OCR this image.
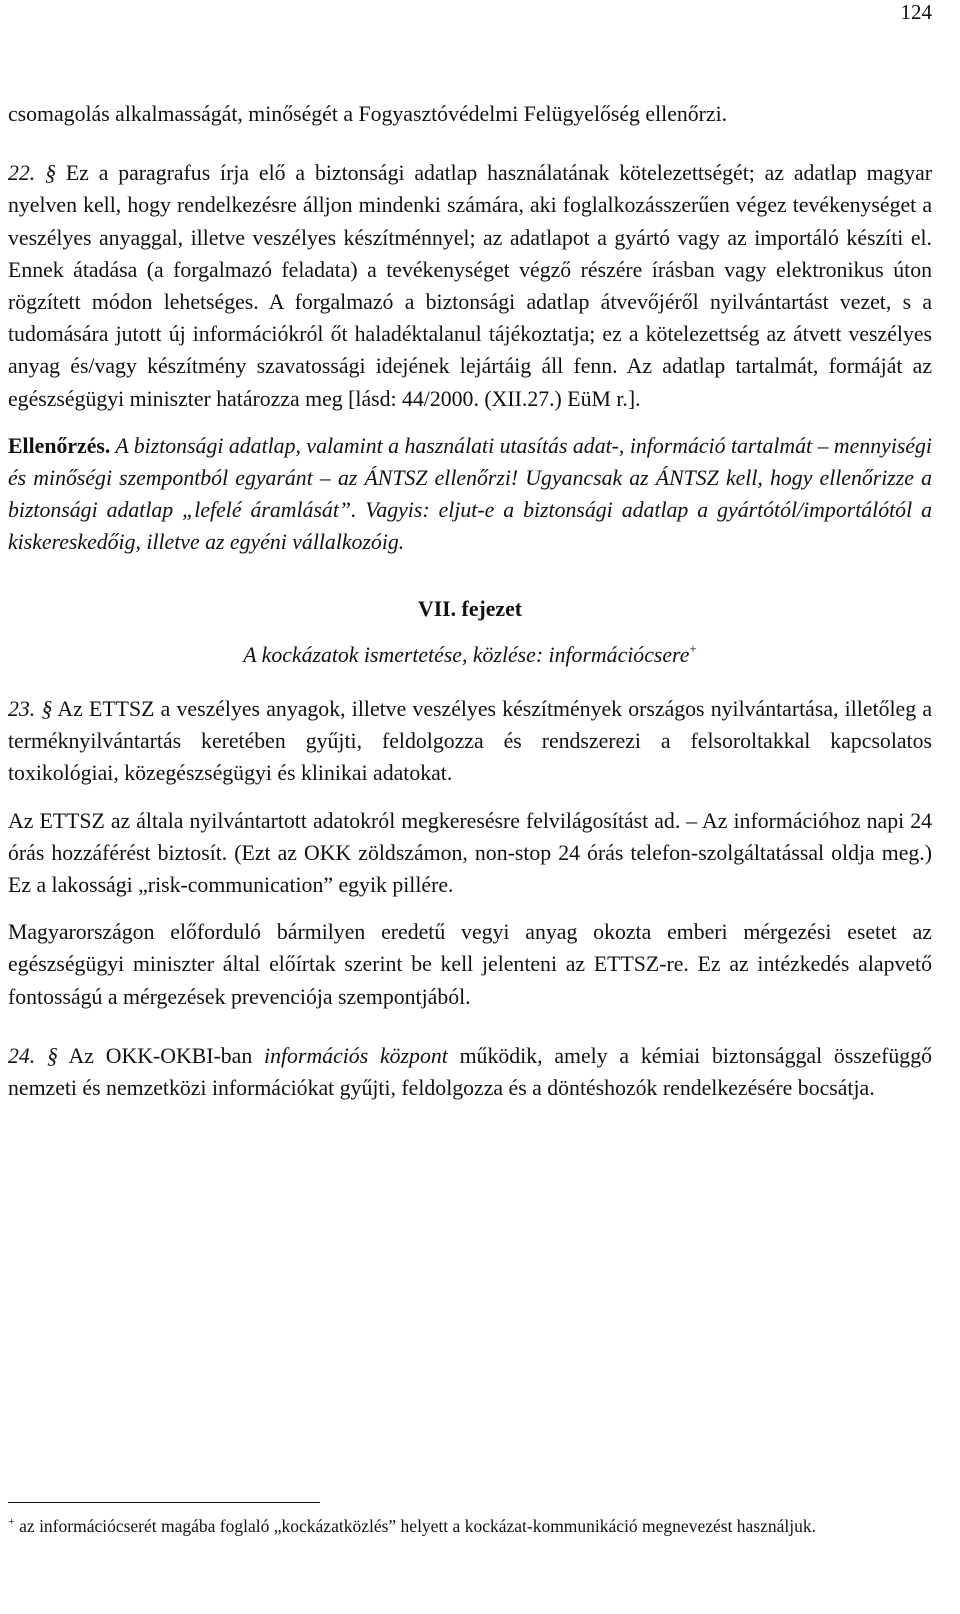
124

csomagolás alkalmasságát, minőségét a Fogyasztóvédelmi Felügyelőség ellenőrzi.

22. § Ez a paragrafus írja elő a biztonsági adatlap használatának kötelezettségét; az adatlap magyar nyelven kell, hogy rendelkezésre álljon mindenki számára, aki foglalkozásszerűen végez tevékenységet a veszélyes anyaggal, illetve veszélyes készítménnyel; az adatlapot a gyártó vagy az importáló készíti el. Ennek átadása (a forgalmazó feladata) a tevékenységet végző részére írásban vagy elektronikus úton rögzített módon lehetséges. A forgalmazó a biztonsági adatlap átvevőjéről nyilvántartást vezet, s a tudomására jutott új információkról őt haladéktalanul tájékoztatja; ez a kötelezettség az átvett veszélyes anyag és/vagy készítmény szavatossági idejének lejártáig áll fenn. Az adatlap tartalmát, formáját az egészségügyi miniszter határozza meg [lásd: 44/2000. (XII.27.) EüM r.].

Ellenőrzés. A biztonsági adatlap, valamint a használati utasítás adat-, információ tartalmát – mennyiségi és minőségi szempontból egyaránt – az ÁNTSZ ellenőrzi! Ugyancsak az ÁNTSZ kell, hogy ellenőrizze a biztonsági adatlap „lefelé áramlását”. Vagyis: eljut-e a biztonsági adatlap a gyártótól/importálótól a kiskereskedőig, illetve az egyéni vállalkozóig.

VII. fejezet
A kockázatok ismertetése, közlése: információcsere+

23. § Az ETTSZ a veszélyes anyagok, illetve veszélyes készítmények országos nyilvántartása, illetőleg a terméknyilvántartás keretében gyűjti, feldolgozza és rendszerezi a felsoroltakkal kapcsolatos toxikológiai, közegészségügyi és klinikai adatokat.

Az ETTSZ az általa nyilvántartott adatokról megkeresésre felvilágosítást ad. – Az információhoz napi 24 órás hozzáférést biztosít. (Ezt az OKK zöldszámon, non-stop 24 órás telefon-szolgáltatással oldja meg.) Ez a lakossági „risk-communication” egyik pillére.

Magyarországon előforduló bármilyen eredetű vegyi anyag okozta emberi mérgezési esetet az egészségügyi miniszter által előírtak szerint be kell jelenteni az ETTSZ-re. Ez az intézkedés alapvető fontosságú a mérgezések prevenciója szempontjából.

24. § Az OKK-OKBI-ban információs központ működik, amely a kémiai biztonsággal összefüggő nemzeti és nemzetközi információkat gyűjti, feldolgozza és a döntéshozók rendelkezésére bocsátja.

+ az információcserét magába foglaló „kockázatközlés” helyett a kockázat-kommunikáció megnevezést használjuk.
